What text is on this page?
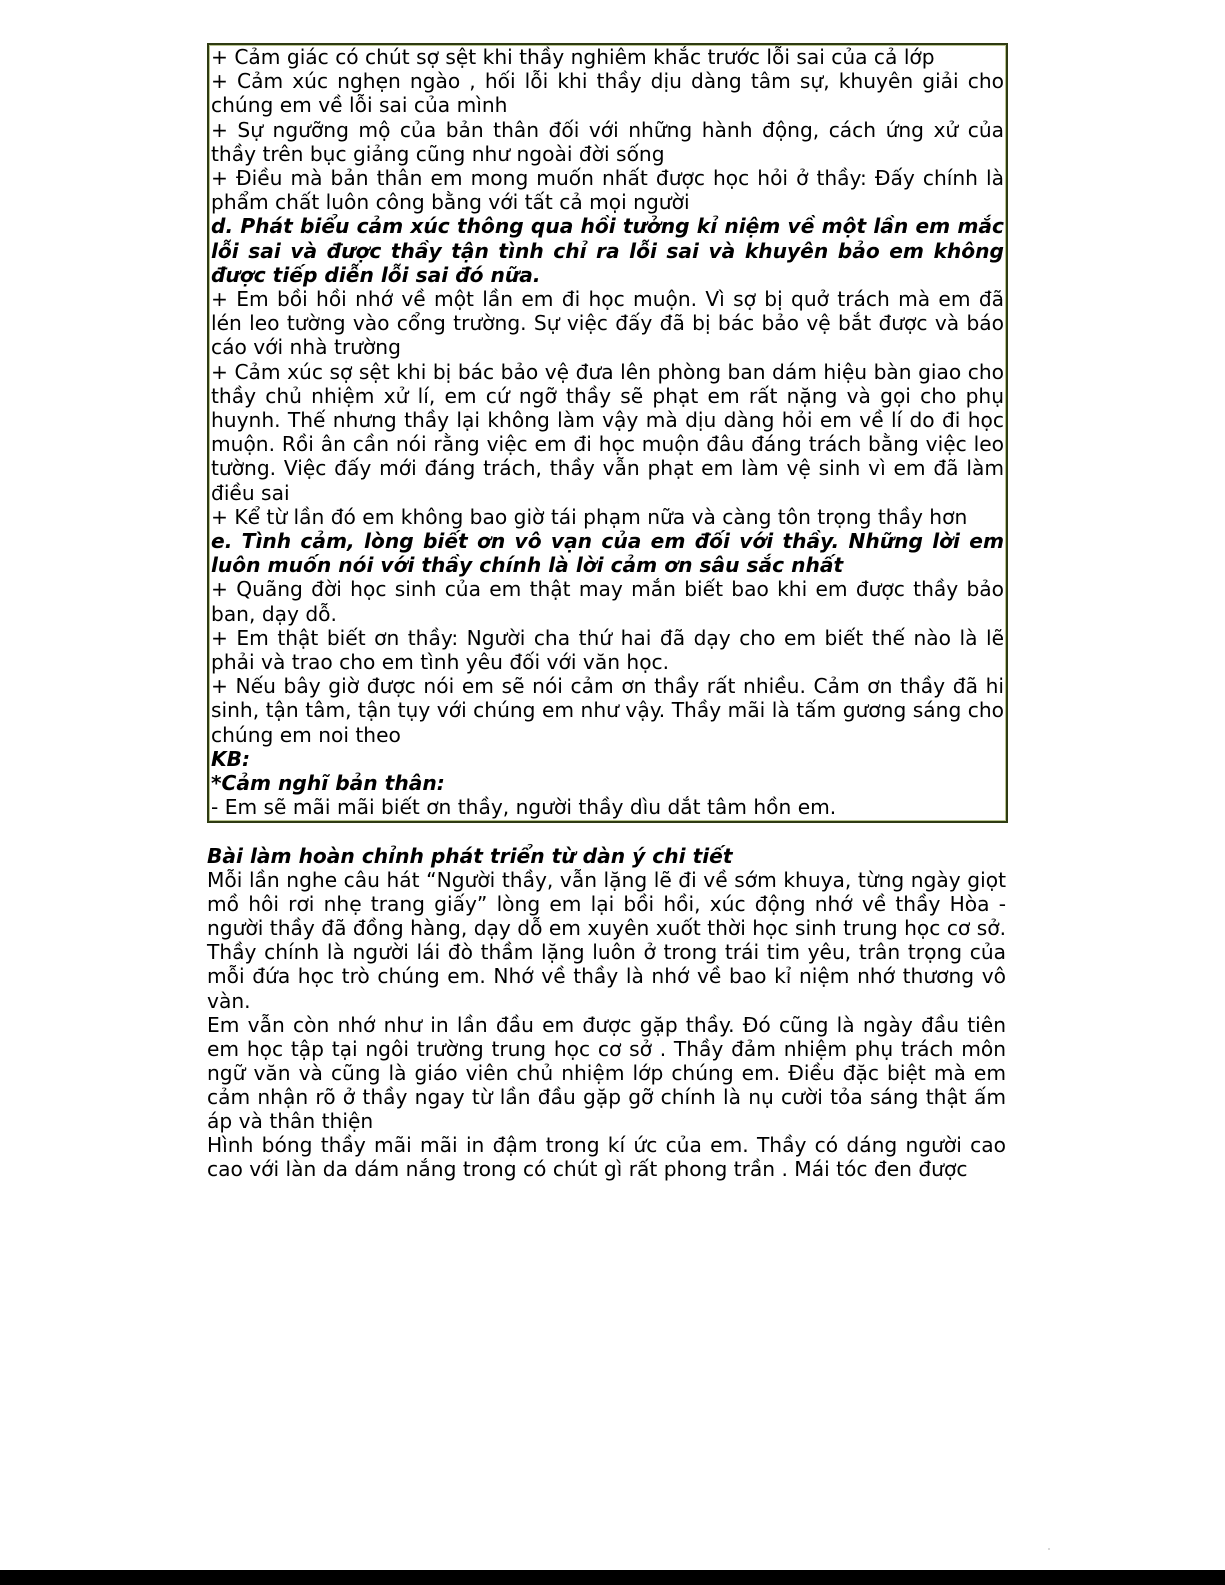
+ Cảm giác có chút sợ sệt khi thầy nghiêm khắc trước lỗi sai của cả lớp

+ Cảm xúc nghẹn ngào , hối lỗi khi thầy dịu dàng tâm sự, khuyên giải cho chúng em về lỗi sai của mình

+ Sự ngưỡng mộ của bản thân đối với những hành động, cách ứng xử của thầy trên bục giảng cũng như ngoài đời sống

+ Điều mà bản thân em mong muốn nhất được học hỏi ở thầy: Đấy chính là phẩm chất luôn công bằng với tất cả mọi người

d. Phát biểu cảm xúc thông qua hồi tưởng kỉ niệm về một lần em mắc lỗi sai và được thầy tận tình chỉ ra lỗi sai và khuyên bảo em không được tiếp diễn lỗi sai đó nữa.

+ Em bồi hồi nhớ về một lần em đi học muộn. Vì sợ bị quở trách mà em đã lén leo tường vào cổng trường. Sự việc đấy đã bị bác bảo vệ bắt được và báo cáo với nhà trường

+ Cảm xúc sợ sệt khi bị bác bảo vệ đưa lên phòng ban dám hiệu bàn giao cho thầy chủ nhiệm xử lí, em cứ ngỡ thầy sẽ phạt em rất nặng và gọi cho phụ huynh. Thế nhưng thầy lại không làm vậy mà dịu dàng hỏi em về lí do đi học muộn. Rồi ân cần nói rằng việc em đi học muộn đâu đáng trách bằng việc leo tường. Việc đấy mới đáng trách, thầy vẫn phạt em làm vệ sinh vì em đã làm điều sai

+ Kể từ lần đó em không bao giờ tái phạm nữa và càng tôn trọng thầy hơn

e. Tình cảm, lòng biết ơn vô vạn của em đối với thầy. Những lời em luôn muốn nói với thầy chính là lời cảm ơn sâu sắc nhất

+ Quãng đời học sinh của em thật may mắn biết bao khi em được thầy bảo ban, dạy dỗ.

+ Em thật biết ơn thầy: Người cha thứ hai đã dạy cho em biết thế nào là lẽ phải và trao cho em tình yêu đối với văn học.

+ Nếu bây giờ được nói em sẽ nói cảm ơn thầy rất nhiều. Cảm ơn thầy đã hi sinh, tận tâm, tận tụy với chúng em như vậy. Thầy mãi là tấm gương sáng cho chúng em noi theo

KB:

*Cảm nghĩ bản thân:

- Em sẽ mãi mãi biết ơn thầy, người thầy dìu dắt tâm hồn em.

Bài làm hoàn chỉnh phát triển từ dàn ý chi tiết

Mỗi lần nghe câu hát “Người thầy, vẫn lặng lẽ đi về sớm khuya, từng ngày giọt mồ hôi rơi nhẹ trang giấy” lòng em lại bồi hồi, xúc động nhớ về thầy Hòa - người thầy đã đồng hàng, dạy dỗ em xuyên xuốt thời học sinh trung học cơ sở. Thầy chính là người lái đò thầm lặng luôn ở trong trái tim yêu, trân trọng của mỗi đứa học trò chúng em. Nhớ về thầy là nhớ về bao kỉ niệm nhớ thương vô vàn.

Em vẫn còn nhớ như in lần đầu em được gặp thầy. Đó cũng là ngày đầu tiên em học tập tại ngôi trường trung học cơ sở . Thầy đảm nhiệm phụ trách môn ngữ văn và cũng là giáo viên chủ nhiệm lớp chúng em. Điều đặc biệt mà em cảm nhận rõ ở thầy ngay từ lần đầu gặp gỡ chính là nụ cười tỏa sáng thật ấm áp và thân thiện

Hình bóng thầy mãi mãi in đậm trong kí ức của em. Thầy có dáng người cao cao với làn da dám nắng trong có chút gì rất phong trần . Mái tóc đen được
